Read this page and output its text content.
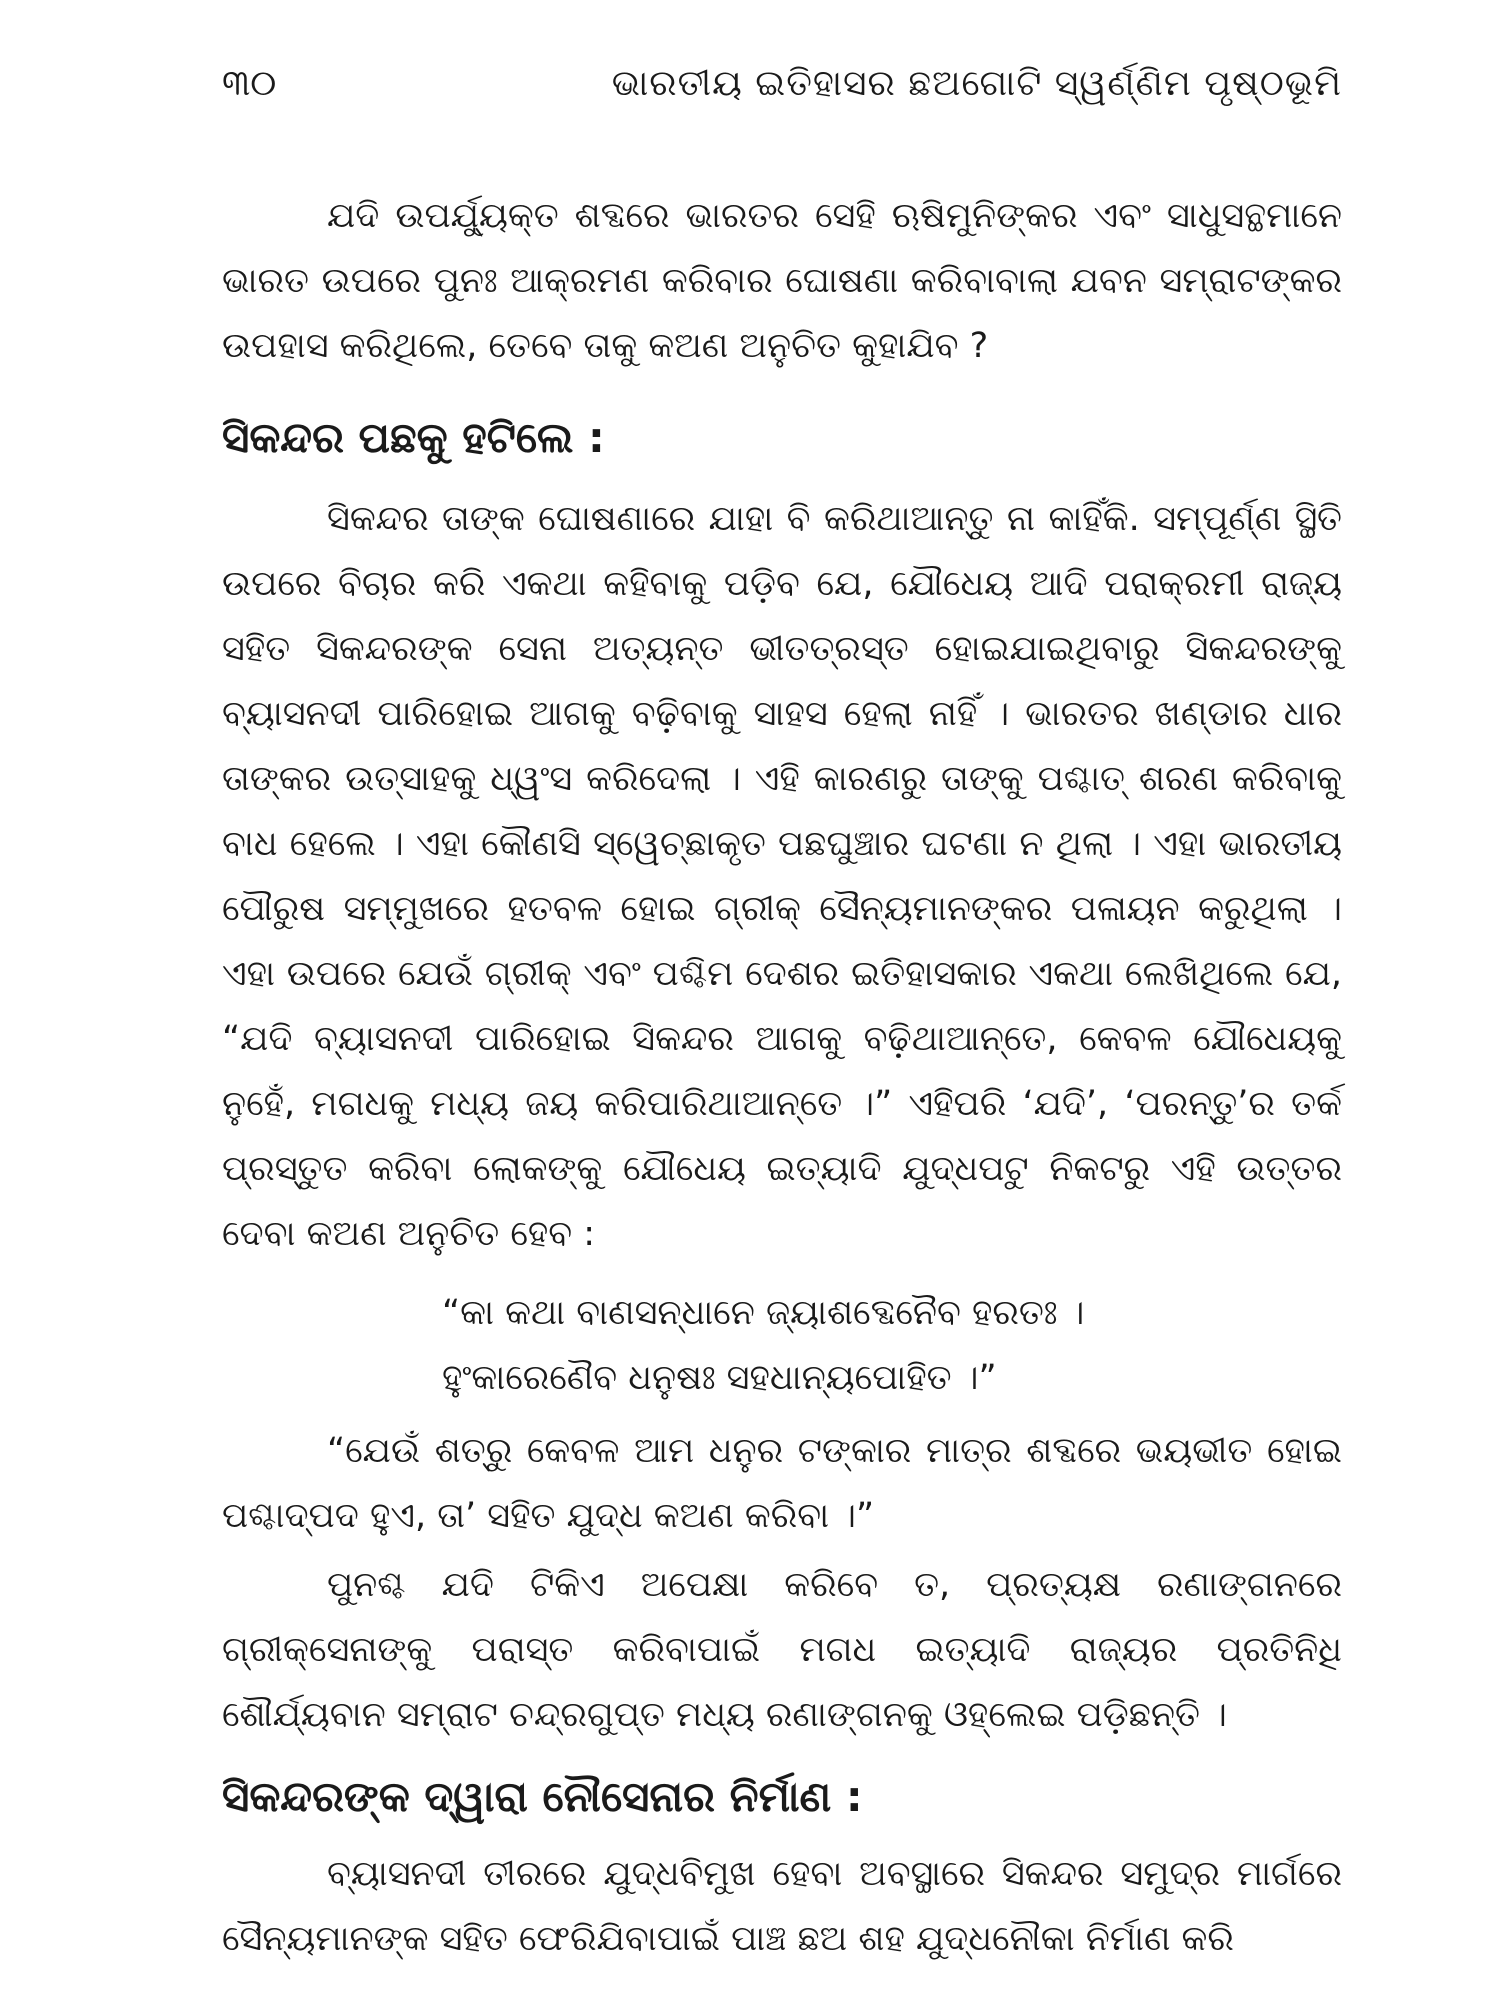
୩୦	ଭାରତୀୟ ଇତିହାସର ଛଅଗୋଟି ସ୍ୱର୍ଣ୍ଣିମ ପୃଷ୍ଠଭୂମି

ଯଦି ଉପର୍ଯ୍ୟୁକ୍ତ ଶବ୍ଦରେ ଭାରତର ସେହି ଋଷିମୁନିଙ୍କର ଏବଂ ସାଧୁସନ୍ଥମାନେ ଭାରତ ଉପରେ ପୁନଃ ଆକ୍ରମଣ କରିବାର ଘୋଷଣା କରିବାବାଲା ଯବନ ସମ୍ରାଟଙ୍କର ଉପହାସ କରିଥିଲେ, ତେବେ ତାକୁ କଅଣ ଅନୁଚିତ କୁହାଯିବ ?

ସିକନ୍ଦର ପଛକୁ ହଟିଲେ :

ସିକନ୍ଦର ତାଙ୍କ ଘୋଷଣାରେ ଯାହା ବି କରିଥାଆନ୍ତୁ ନା କାହିଁକି. ସମ୍ପୂର୍ଣ୍ଣ ସ୍ଥିତି ଉପରେ ବିଚାର କରି ଏକଥା କହିବାକୁ ପଡ଼ିବ ଯେ, ଯୌଧେୟ ଆଦି ପରାକ୍ରମୀ ରାଜ୍ୟ ସହିତ ସିକନ୍ଦରଙ୍କ ସେନା ଅତ୍ୟନ୍ତ ଭୀତତ୍ରସ୍ତ ହୋଇଯାଇଥିବାରୁ ସିକନ୍ଦରଙ୍କୁ ବ୍ୟାସନଦୀ ପାରିହୋଇ ଆଗକୁ ବଢ଼ିବାକୁ ସାହସ ହେଲା ନାହିଁ । ଭାରତର ଖଣ୍ଡାର ଧାର ତାଙ୍କର ଉତ୍ସାହକୁ ଧ୍ୱଂସ କରିଦେଲା । ଏହି କାରଣରୁ ତାଙ୍କୁ ପଶ୍ଚାତ୍ ଶରଣ କରିବାକୁ ବାଧ ହେଲେ । ଏହା କୌଣସି ସ୍ୱେଚ୍ଛାକୃତ ପଛଘୁଞ୍ଚାର ଘଟଣା ନ ଥିଲା । ଏହା ଭାରତୀୟ ପୌରୁଷ ସମ୍ମୁଖରେ ହତବଳ ହୋଇ ଗ୍ରୀକ୍ ସୈନ୍ୟମାନଙ୍କର ପଳାୟନ କରୁଥିଲା । ଏହା ଉପରେ ଯେଉଁ ଗ୍ରୀକ୍ ଏବଂ ପଶ୍ଚିମ ଦେଶର ଇତିହାସକାର ଏକଥା ଲେଖିଥିଲେ ଯେ, “ଯଦି ବ୍ୟାସନଦୀ ପାରିହୋଇ ସିକନ୍ଦର ଆଗକୁ ବଢ଼ିଥାଆନ୍ତେ, କେବଳ ଯୌଧେୟକୁ ନୁହେଁ, ମଗଧକୁ ମଧ୍ୟ ଜୟ କରିପାରିଥାଆନ୍ତେ ।” ଏହିପରି ‘ଯଦି’, ‘ପରନ୍ତୁ’ର ତର୍କ ପ୍ରସ୍ତୁତ କରିବା ଲୋକଙ୍କୁ ଯୌଧେୟ ଇତ୍ୟାଦି ଯୁଦ୍ଧପଟୁ ନିକଟରୁ ଏହି ଉତ୍ତର ଦେବା କଅଣ ଅନୁଚିତ ହେବ :

“କା କଥା ବାଣସନ୍ଧାନେ ଜ୍ୟାଶବ୍ଦେନୈବ ହରତଃ ।
ହୁଂକାରେଣୈବ ଧନୁଷଃ ସହଧାନ୍ୟପୋହିତ ।”

“ଯେଉଁ ଶତ୍ରୁ କେବଳ ଆମ ଧନୁର ଟଙ୍କାର ମାତ୍ର ଶବ୍ଦରେ ଭୟଭୀତ ହୋଇ ପଶ୍ଚାଦ୍‌ପଦ ହୁଏ, ତା’ ସହିତ ଯୁଦ୍ଧ କଅଣ କରିବା ।”

ପୁନଶ୍ଚ ଯଦି ଟିକିଏ ଅପେକ୍ଷା କରିବେ ତ, ପ୍ରତ୍ୟକ୍ଷ ରଣାଙ୍ଗନରେ ଗ୍ରୀକ୍‌ସେନାଙ୍କୁ ପରାସ୍ତ କରିବାପାଇଁ ମଗଧ ଇତ୍ୟାଦି ରାଜ୍ୟର ପ୍ରତିନିଧି ଶୌର୍ଯ୍ୟବାନ ସମ୍ରାଟ ଚନ୍ଦ୍ରଗୁପ୍ତ ମଧ୍ୟ ରଣାଙ୍ଗନକୁ ଓହ୍ଲେଇ ପଡ଼ିଛନ୍ତି ।

ସିକନ୍ଦରଙ୍କ ଦ୍ୱାରା ନୌସେନାର ନିର୍ମାଣ :

ବ୍ୟାସନଦୀ ତୀରରେ ଯୁଦ୍ଧବିମୁଖ ହେବା ଅବସ୍ଥାରେ ସିକନ୍ଦର ସମୁଦ୍ର ମାର୍ଗରେ ସୈନ୍ୟମାନଙ୍କ ସହିତ ଫେରିଯିବାପାଇଁ ପାଞ୍ଚ ଛଅ ଶହ ଯୁଦ୍ଧନୌକା ନିର୍ମାଣ କରି
